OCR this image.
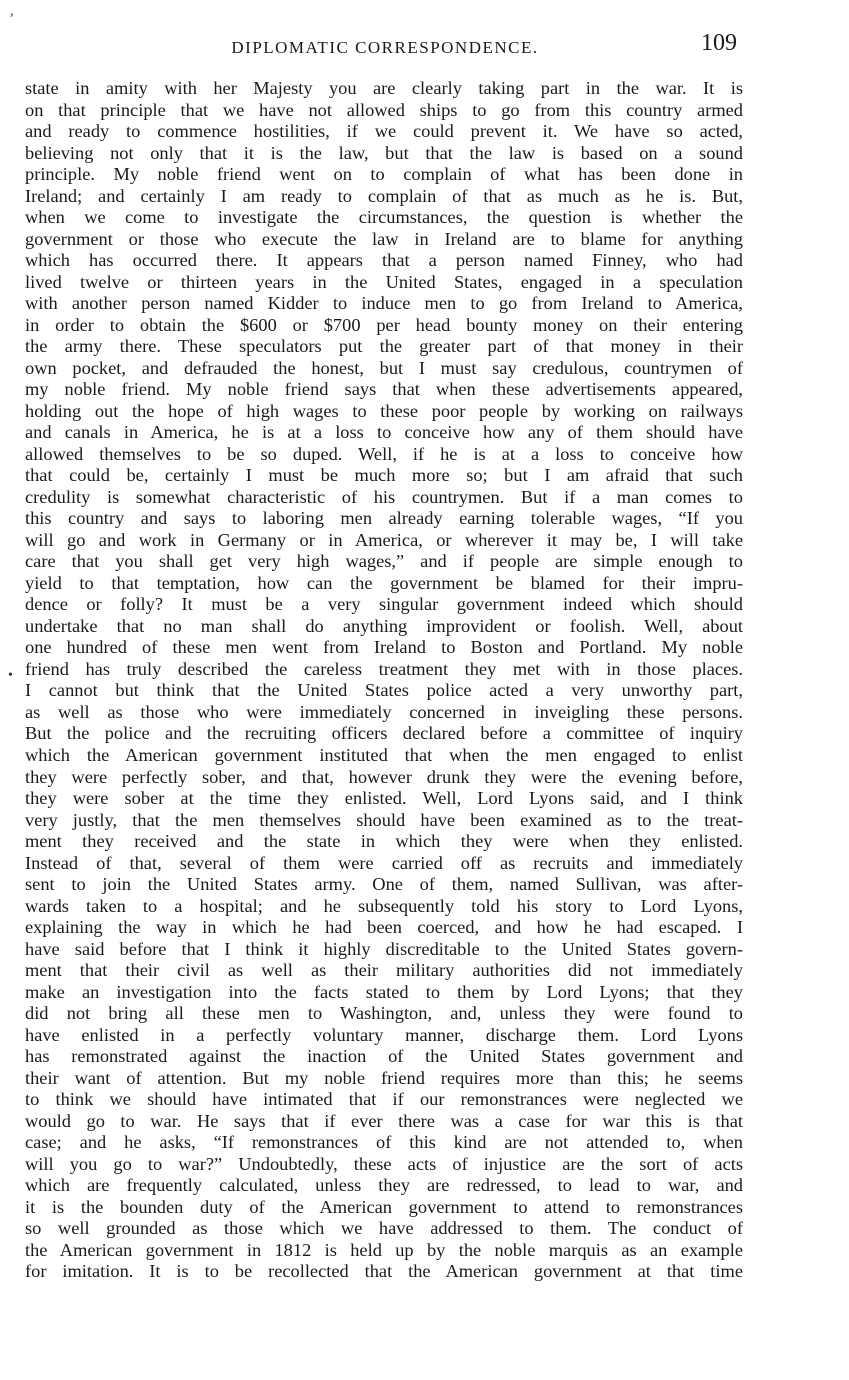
,
•
DIPLOMATIC CORRESPONDENCE.	109
state in amity with her Majesty you are clearly taking part in the war. It is
on that principle that we have not allowed ships to go from this country armed
and ready to commence hostilities, if we could prevent it. We have so acted,
believing not only that it is the law, but that the law is based on a sound
principle. My noble friend went on to complain of what has been done in
Ireland; and certainly I am ready to complain of that as much as he is. But,
when we come to investigate the circumstances, the question is whether the
government or those who execute the law in Ireland are to blame for anything
which has occurred there. It appears that a person named Finney, who had
lived twelve or thirteen years in the United States, engaged in a speculation
with another person named Kidder to induce men to go from Ireland to America,
in order to obtain the $600 or $700 per head bounty money on their entering
the army there. These speculators put the greater part of that money in their
own pocket, and defrauded the honest, but I must say credulous, countrymen of
my noble friend. My noble friend says that when these advertisements appeared,
holding out the hope of high wages to these poor people by working on railways
and canals in America, he is at a loss to conceive how any of them should have
allowed themselves to be so duped. Well, if he is at a loss to conceive how
that could be, certainly I must be much more so; but I am afraid that such
credulity is somewhat characteristic of his countrymen. But if a man comes to
this country and says to laboring men already earning tolerable wages, “If you
will go and work in Germany or in America, or wherever it may be, I will take
care that you shall get very high wages,” and if people are simple enough to
yield to that temptation, how can the government be blamed for their impru-
dence or folly? It must be a very singular government indeed which should
undertake that no man shall do anything improvident or foolish. Well, about
one hundred of these men went from Ireland to Boston and Portland. My noble
friend has truly described the careless treatment they met with in those places.
I cannot but think that the United States police acted a very unworthy part,
as well as those who were immediately concerned in inveigling these persons.
But the police and the recruiting officers declared before a committee of inquiry
which the American government instituted that when the men engaged to enlist
they were perfectly sober, and that, however drunk they were the evening before,
they were sober at the time they enlisted. Well, Lord Lyons said, and I think
very justly, that the men themselves should have been examined as to the treat-
ment they received and the state in which they were when they enlisted.
Instead of that, several of them were carried off as recruits and immediately
sent to join the United States army. One of them, named Sullivan, was after-
wards taken to a hospital; and he subsequently told his story to Lord Lyons,
explaining the way in which he had been coerced, and how he had escaped. I
have said before that I think it highly discreditable to the United States govern-
ment that their civil as well as their military authorities did not immediately
make an investigation into the facts stated to them by Lord Lyons; that they
did not bring all these men to Washington, and, unless they were found to
have enlisted in a perfectly voluntary manner, discharge them. Lord Lyons
has remonstrated against the inaction of the United States government and
their want of attention. But my noble friend requires more than this; he seems
to think we should have intimated that if our remonstrances were neglected we
would go to war. He says that if ever there was a case for war this is that
case; and he asks, “If remonstrances of this kind are not attended to, when
will you go to war?” Undoubtedly, these acts of injustice are the sort of acts
which are frequently calculated, unless they are redressed, to lead to war, and
it is the bounden duty of the American government to attend to remonstrances
so well grounded as those which we have addressed to them. The conduct of
the American government in 1812 is held up by the noble marquis as an example
for imitation. It is to be recollected that the American government at that time
